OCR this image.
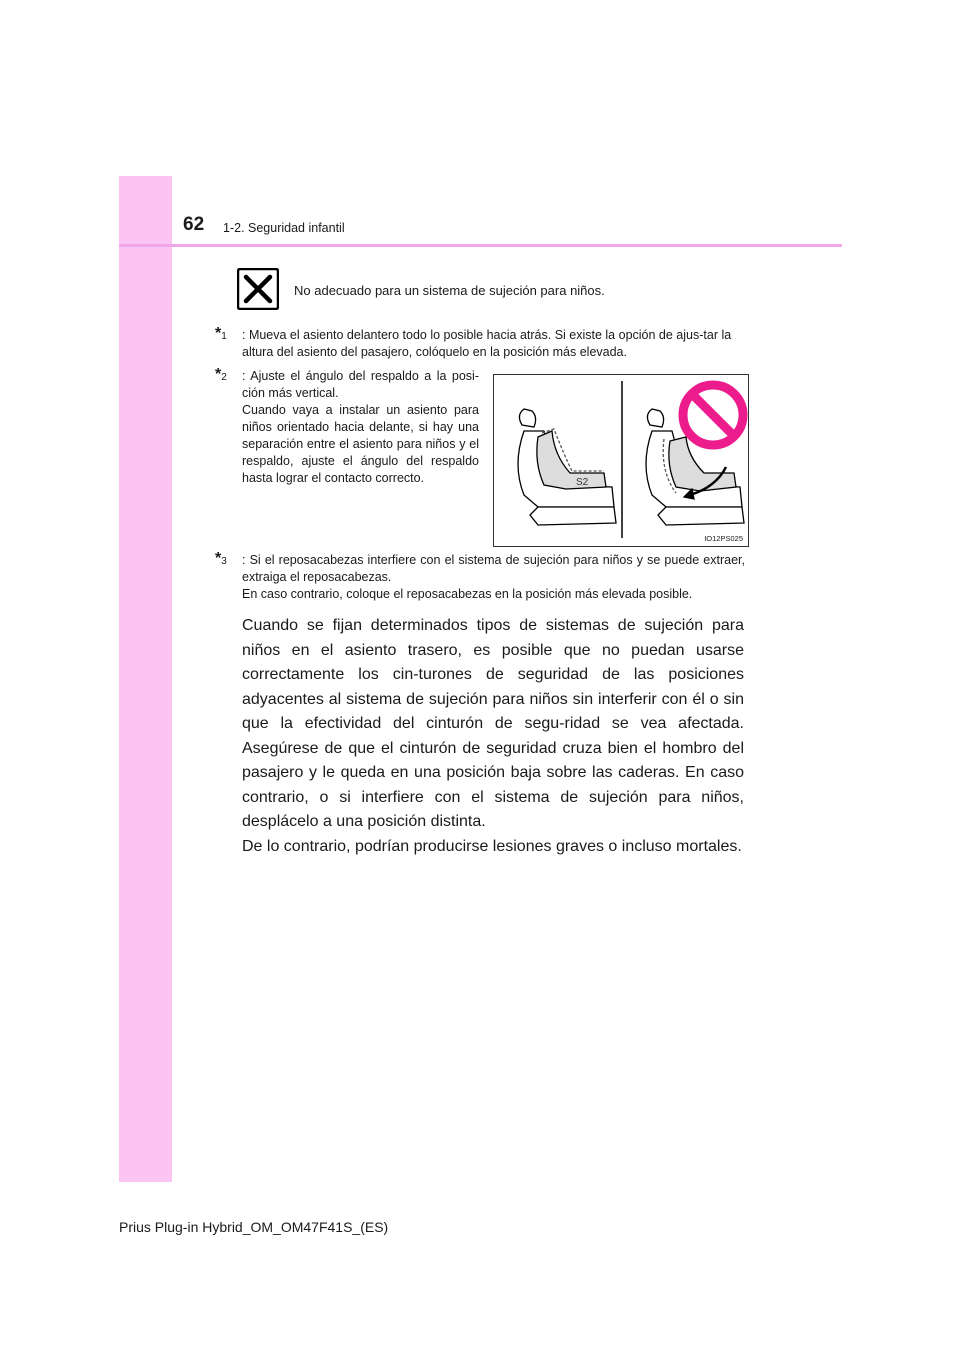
62 1-2. Seguridad infantil
No adecuado para un sistema de sujeción para niños.
$*_1$ : Mueva el asiento delantero todo lo posible hacia atrás. Si existe la opción de ajus-tar la altura del asiento del pasajero, colóquelo en la posición más elevada.
$*_2$ : Ajuste el ángulo del respaldo a la posi-ción más vertical.
Cuando vaya a instalar un asiento para niños orientado hacia delante, si hay una separación entre el asiento para niños y el respaldo, ajuste el ángulo del respaldo hasta lograr el contacto correcto.	S2
IO12PS025
$*_3$ : Si el reposacabezas interfiere con el sistema de sujeción para niños y se puede extraer, extraiga el reposacabezas.
En caso contrario, coloque el reposacabezas en la posición más elevada posible.

Cuando se fijan determinados tipos de sistemas de sujeción para niños en el asiento trasero, es posible que no puedan usarse correctamente los cin-turones de seguridad de las posiciones adyacentes al sistema de sujeción para niños sin interferir con él o sin que la efectividad del cinturón de segu-ridad se vea afectada. Asegúrese de que el cinturón de seguridad cruza bien el hombro del pasajero y le queda en una posición baja sobre las caderas. En caso contrario, o si interfiere con el sistema de sujeción para niños, desplácelo a una posición distinta.

De lo contrario, podrían producirse lesiones graves o incluso mortales.

Prius Plug-in Hybrid_OM_OM47F41S_(ES)
